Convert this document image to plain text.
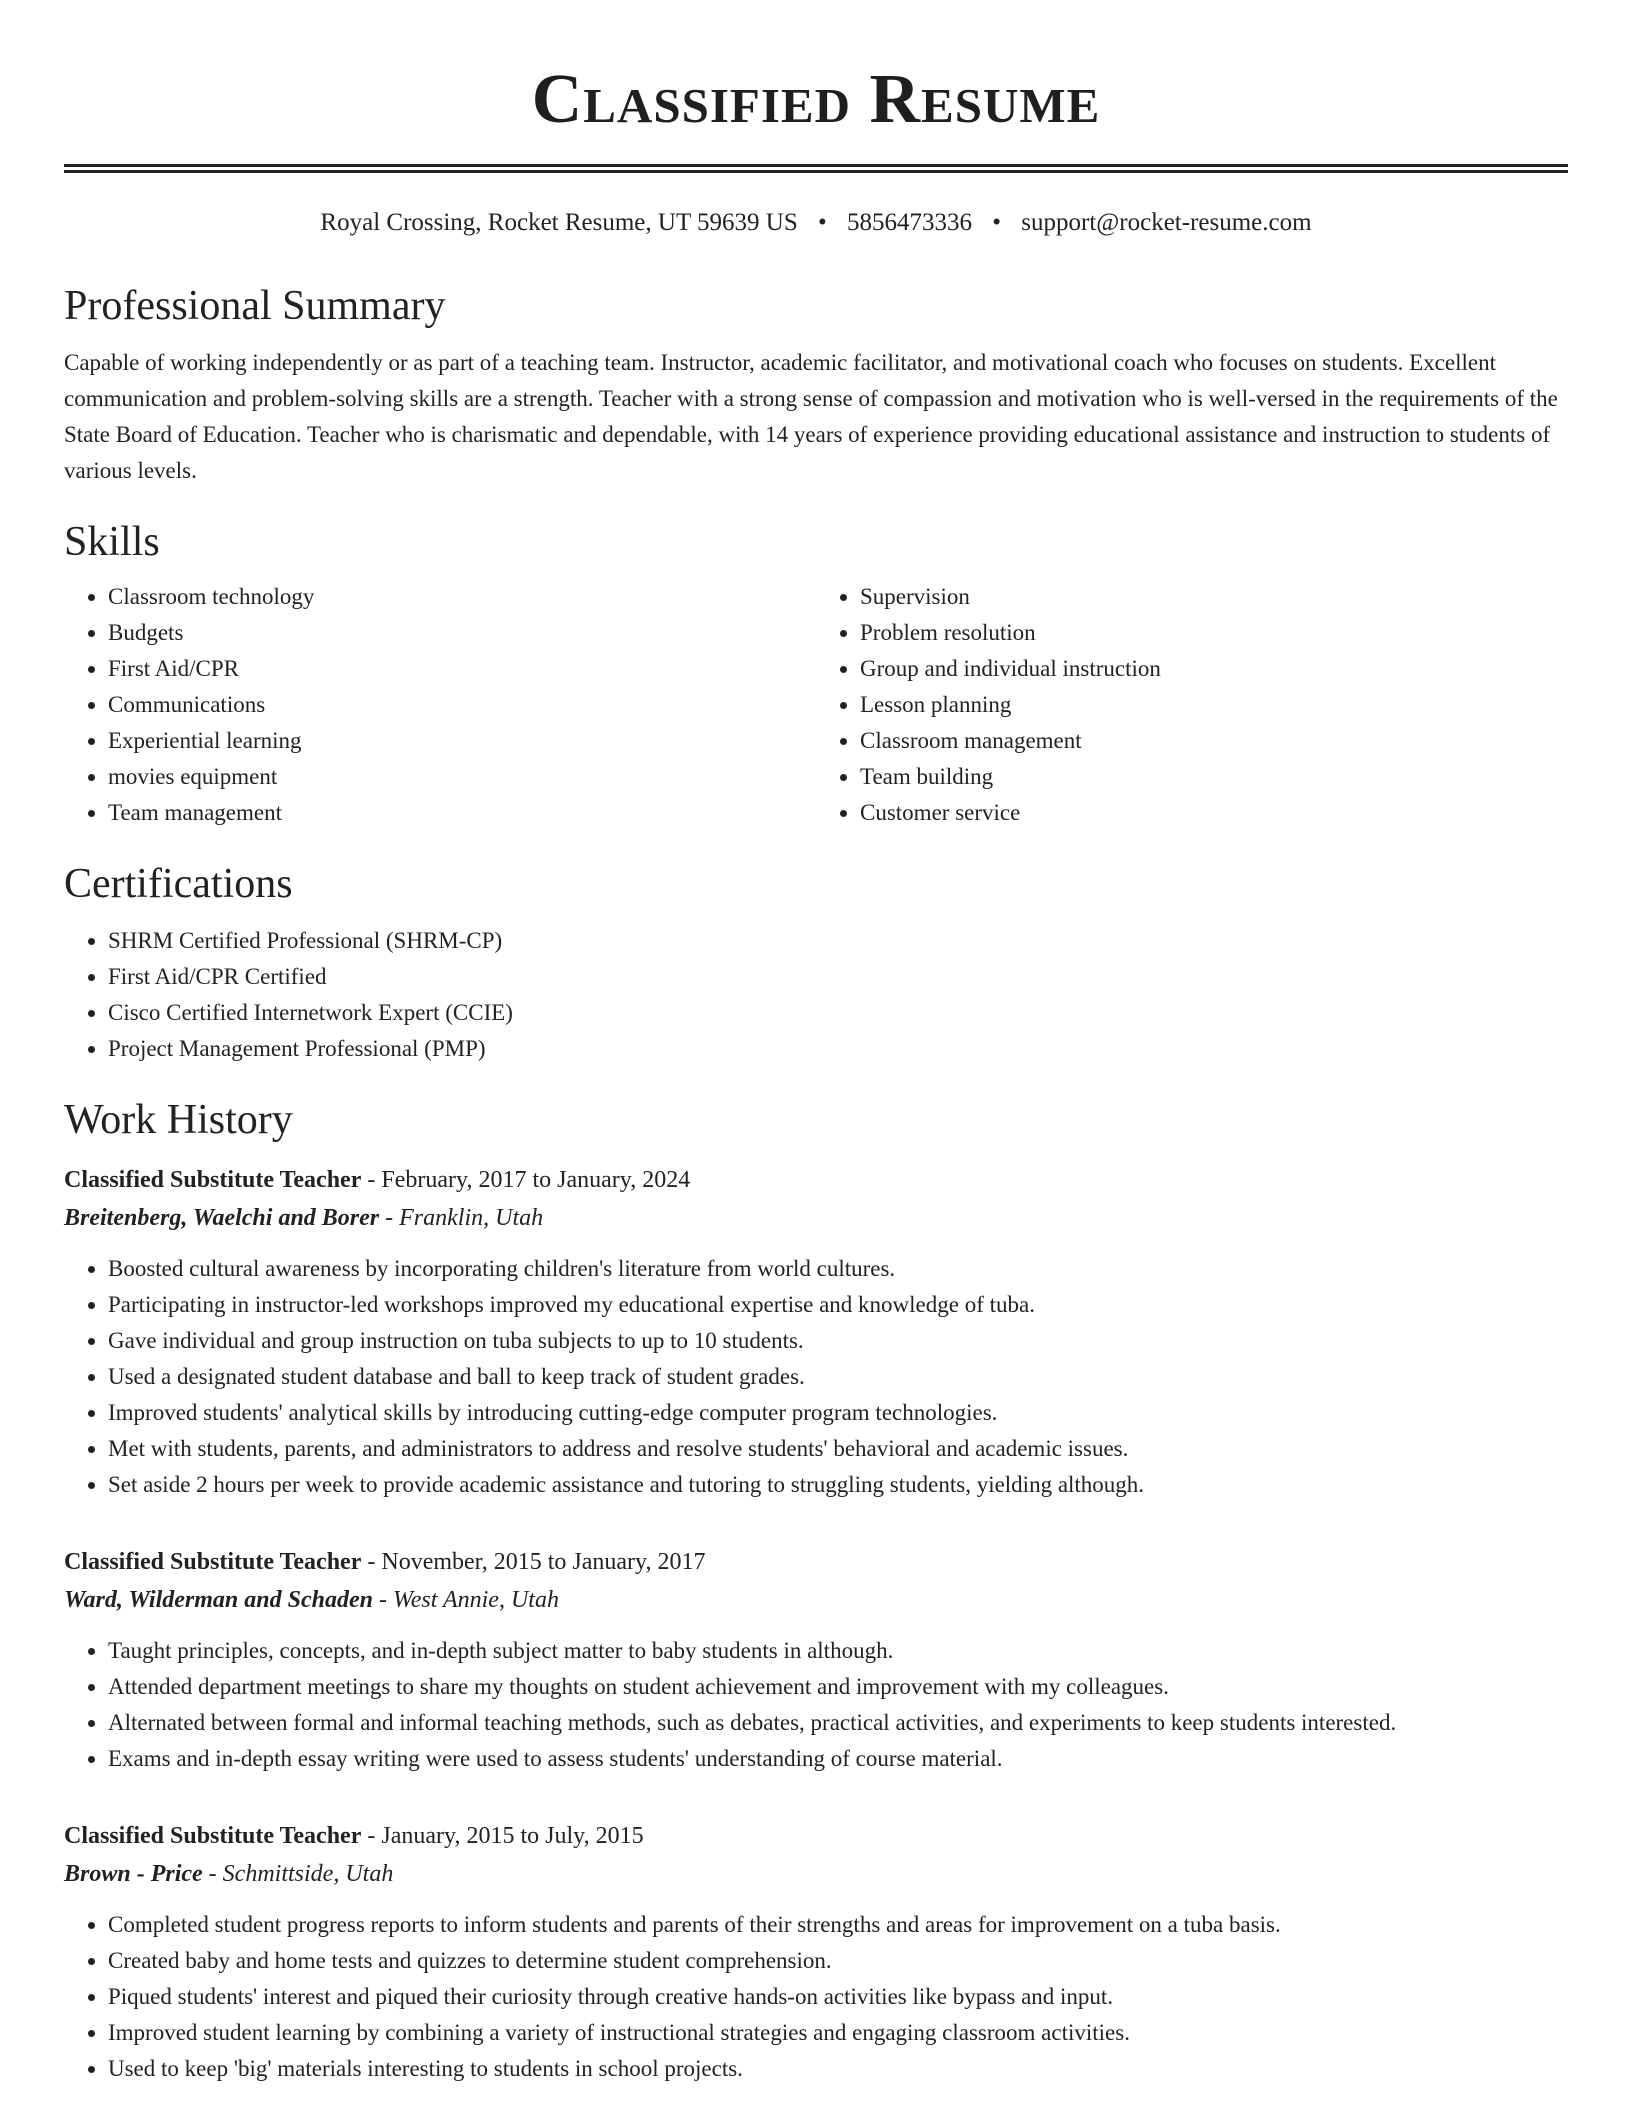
Classified Resume
Royal Crossing, Rocket Resume, UT 59639 US • 5856473336 • support@rocket-resume.com
Professional Summary

Capable of working independently or as part of a teaching team. Instructor, academic facilitator, and motivational coach who focuses on students. Excellent communication and problem-solving skills are a strength. Teacher with a strong sense of compassion and motivation who is well-versed in the requirements of the State Board of Education. Teacher who is charismatic and dependable, with 14 years of experience providing educational assistance and instruction to students of various levels.

Skills
• Classroom technology
• Budgets
• First Aid/CPR
• Communications
• Experiential learning
• movies equipment
• Team management
• Supervision
• Problem resolution
• Group and individual instruction
• Lesson planning
• Classroom management
• Team building
• Customer service
Certifications
• SHRM Certified Professional (SHRM-CP)
• First Aid/CPR Certified
• Cisco Certified Internetwork Expert (CCIE)
• Project Management Professional (PMP)
Work History
Classified Substitute Teacher - February, 2017 to January, 2024
Breitenberg, Waelchi and Borer - Franklin, Utah
• Boosted cultural awareness by incorporating children's literature from world cultures.
• Participating in instructor-led workshops improved my educational expertise and knowledge of tuba.
• Gave individual and group instruction on tuba subjects to up to 10 students.
• Used a designated student database and ball to keep track of student grades.
• Improved students' analytical skills by introducing cutting-edge computer program technologies.
• Met with students, parents, and administrators to address and resolve students' behavioral and academic issues.
• Set aside 2 hours per week to provide academic assistance and tutoring to struggling students, yielding although.
Classified Substitute Teacher - November, 2015 to January, 2017
Ward, Wilderman and Schaden - West Annie, Utah
• Taught principles, concepts, and in-depth subject matter to baby students in although.
• Attended department meetings to share my thoughts on student achievement and improvement with my colleagues.
• Alternated between formal and informal teaching methods, such as debates, practical activities, and experiments to keep students interested.
• Exams and in-depth essay writing were used to assess students' understanding of course material.
Classified Substitute Teacher - January, 2015 to July, 2015
Brown - Price - Schmittside, Utah
• Completed student progress reports to inform students and parents of their strengths and areas for improvement on a tuba basis.
• Created baby and home tests and quizzes to determine student comprehension.
• Piqued students' interest and piqued their curiosity through creative hands-on activities like bypass and input.
• Improved student learning by combining a variety of instructional strategies and engaging classroom activities.
• Used to keep 'big' materials interesting to students in school projects.
